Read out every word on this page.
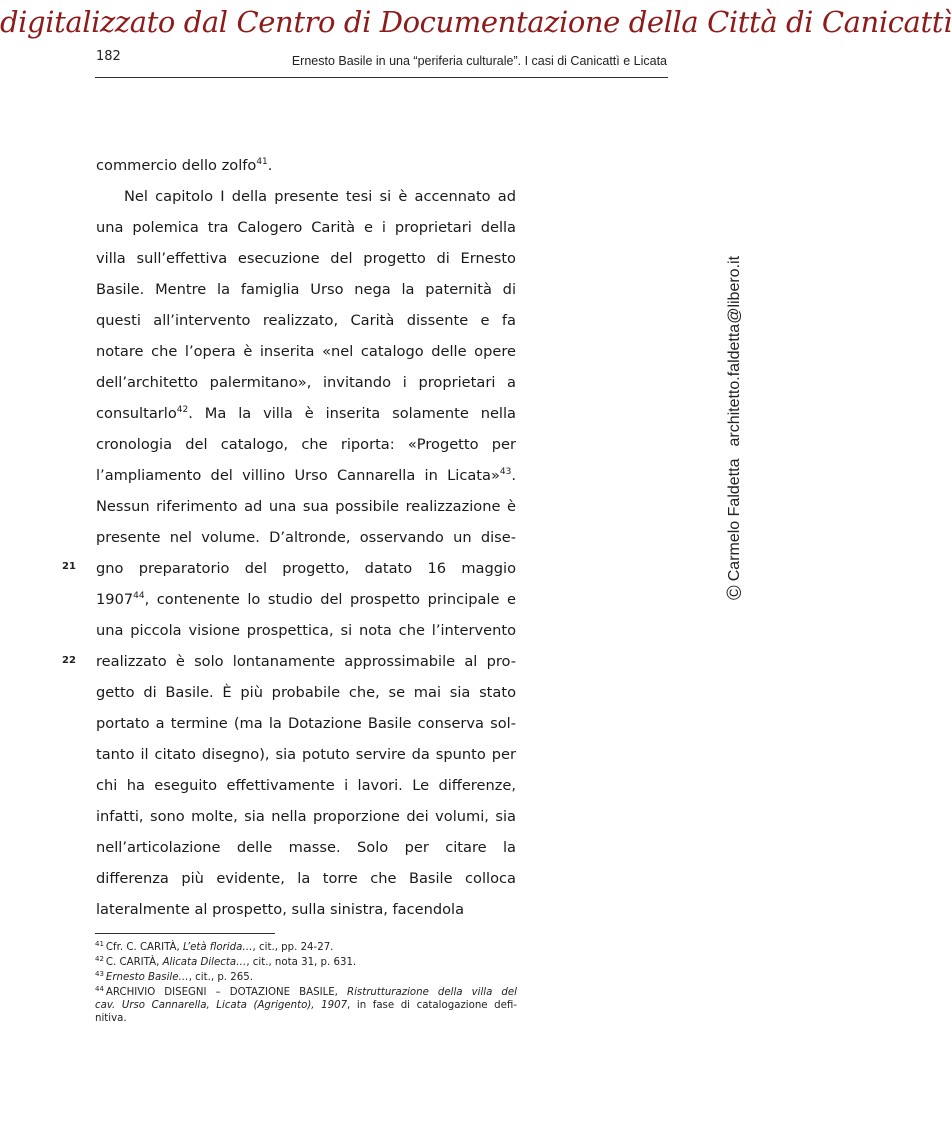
digitalizzato dal Centro di Documentazione della Città di Canicattì
182	Ernesto Basile in una “periferia culturale”. I casi di Canicattì e Licata
commercio dello zolfo$^{41}$.
Nel capitolo I della presente tesi si è accennato ad
una polemica tra Calogero Carità e i proprietari della
villa sull’effettiva esecuzione del progetto di Ernesto
Basile. Mentre la famiglia Urso nega la paternità di
questi all’intervento realizzato, Carità dissente e fa
notare che l’opera è inserita «nel catalogo delle opere
dell’architetto palermitano», invitando i proprietari a
consultarlo$^{42}$. Ma la villa è inserita solamente nella
cronologia del catalogo, che riporta: «Progetto per
l’ampliamento del villino Urso Cannarella in Licata»$^{43}$.
Nessun riferimento ad una sua possibile realizzazione è
presente nel volume. D’altronde, osservando un dise-
gno preparatorio del progetto, datato 16 maggio
1907$^{44}$, contenente lo studio del prospetto principale e
una piccola visione prospettica, si nota che l’intervento
realizzato è solo lontanamente approssimabile al pro-
getto di Basile. È più probabile che, se mai sia stato
portato a termine (ma la Dotazione Basile conserva sol-
tanto il citato disegno), sia potuto servire da spunto per
chi ha eseguito effettivamente i lavori. Le differenze,
infatti, sono molte, sia nella proporzione dei volumi, sia
nell’articolazione delle masse. Solo per citare la
differenza più evidente, la torre che Basile colloca
lateralmente al prospetto, sulla sinistra, facendola
21
22
©Carmelo Faldettaarchitetto.faldetta@libero.it
$^{41}$ Cfr. C. CARITÀ, L’età florida…, cit., pp. 24-27.
$^{42}$ C. CARITÀ, Alicata Dilecta…, cit., nota 31, p. 631.
$^{43}$ Ernesto Basile…, cit., p. 265.
$^{44}$ ARCHIVIO DISEGNI – DOTAZIONE BASILE, Ristrutturazione della villa del
cav. Urso Cannarella, Licata (Agrigento), 1907, in fase di catalogazione defi-
nitiva.
